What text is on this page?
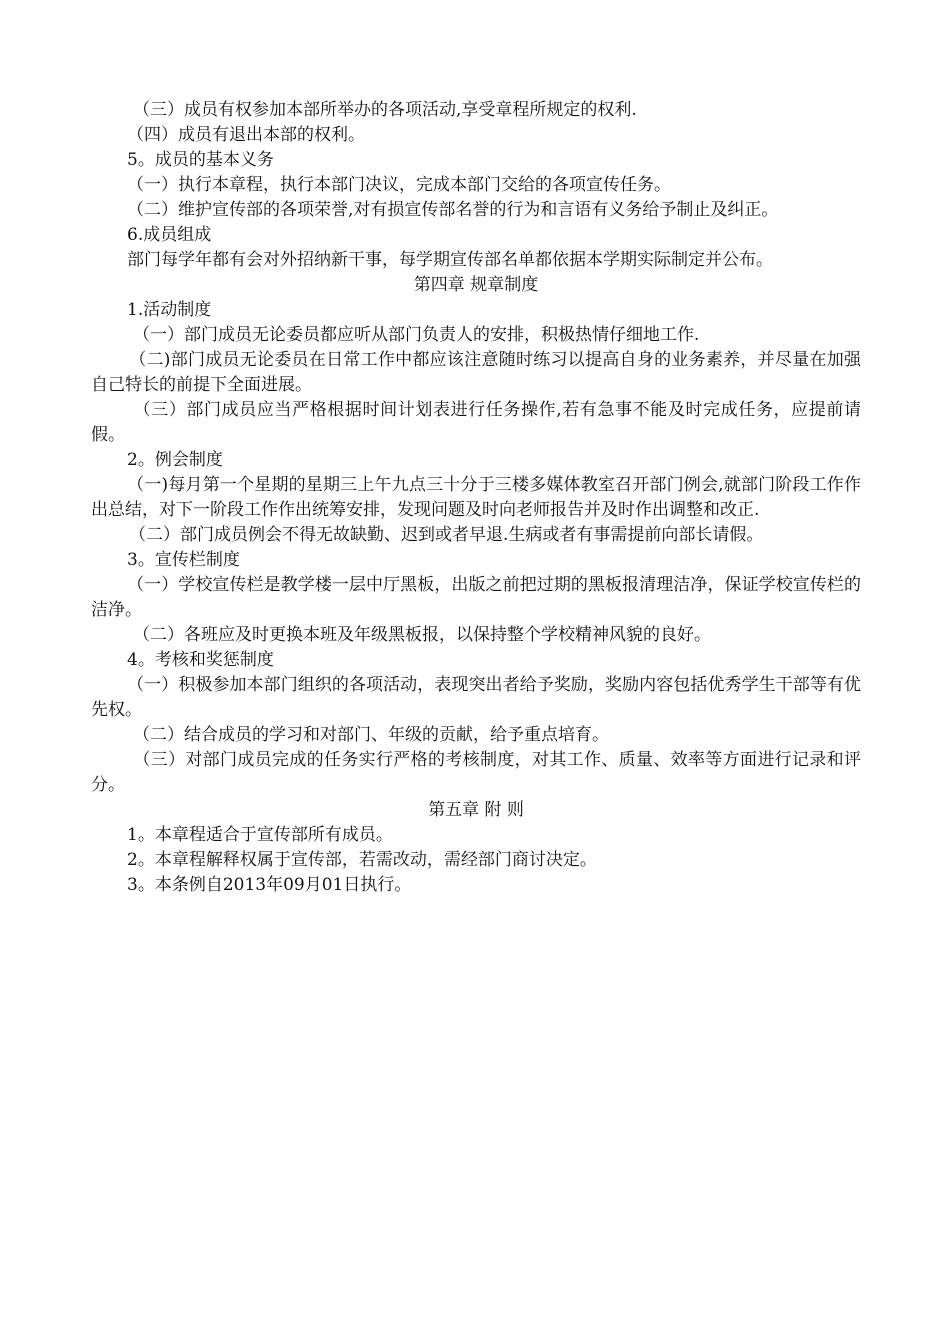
（三）成员有权参加本部所举办的各项活动,享受章程所规定的权利.
（四）成员有退出本部的权利。
5。成员的基本义务
（一）执行本章程，执行本部门决议，完成本部门交给的各项宣传任务。
（二）维护宣传部的各项荣誉,对有损宣传部名誉的行为和言语有义务给予制止及纠正。
6.成员组成
部门每学年都有会对外招纳新干事，每学期宣传部名单都依据本学期实际制定并公布。
第四章 规章制度
1.活动制度
（一）部门成员无论委员都应听从部门负责人的安排，积极热情仔细地工作.
（二)部门成员无论委员在日常工作中都应该注意随时练习以提高自身的业务素养，并尽量在加强自己特长的前提下全面进展。
（三）部门成员应当严格根据时间计划表进行任务操作,若有急事不能及时完成任务，应提前请假。
2。例会制度
（一)每月第一个星期的星期三上午九点三十分于三楼多媒体教室召开部门例会,就部门阶段工作作出总结，对下一阶段工作作出统筹安排，发现问题及时向老师报告并及时作出调整和改正.
（二）部门成员例会不得无故缺勤、迟到或者早退.生病或者有事需提前向部长请假。
3。宣传栏制度
（一）学校宣传栏是教学楼一层中厅黑板，出版之前把过期的黑板报清理洁净，保证学校宣传栏的洁净。
（二）各班应及时更换本班及年级黑板报，以保持整个学校精神风貌的良好。
4。考核和奖惩制度
（一）积极参加本部门组织的各项活动，表现突出者给予奖励，奖励内容包括优秀学生干部等有优先权。
（二）结合成员的学习和对部门、年级的贡献，给予重点培育。
（三）对部门成员完成的任务实行严格的考核制度，对其工作、质量、效率等方面进行记录和评分。
第五章 附 则
1。本章程适合于宣传部所有成员。
2。本章程解释权属于宣传部，若需改动，需经部门商讨决定。
3。本条例自2013年09月01日执行。
